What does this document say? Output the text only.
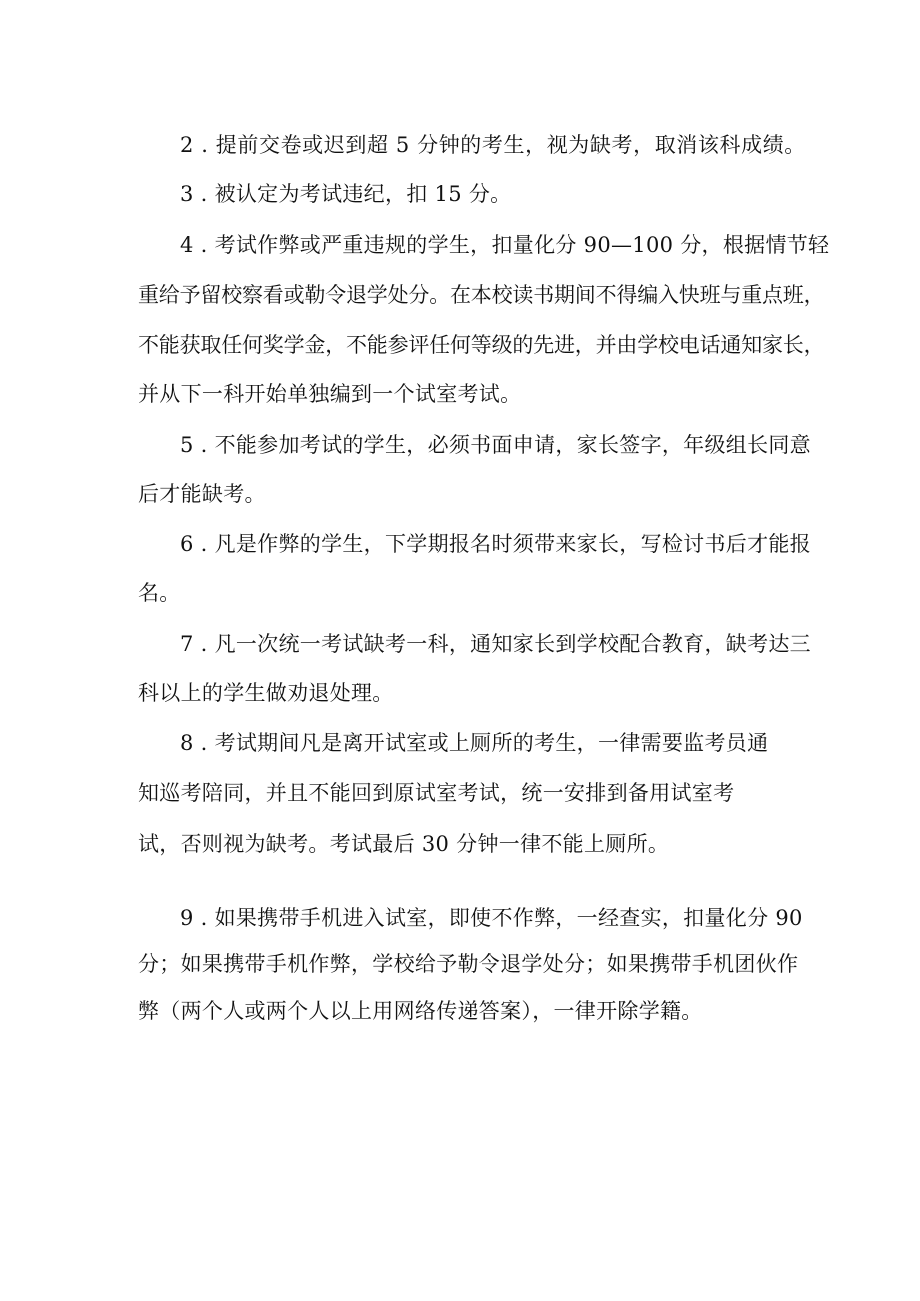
2 . 提前交卷或迟到超 5 分钟的考生，视为缺考，取消该科成绩。
3 . 被认定为考试违纪，扣 15 分。
4 . 考试作弊或严重违规的学生，扣量化分 90—100 分，根据情节轻
重给予留校察看或勒令退学处分。在本校读书期间不得编入快班与重点班，
不能获取任何奖学金，不能参评任何等级的先进，并由学校电话通知家长，
并从下一科开始单独编到一个试室考试。
5 . 不能参加考试的学生，必须书面申请，家长签字，年级组长同意
后才能缺考。
6 . 凡是作弊的学生，下学期报名时须带来家长，写检讨书后才能报
名。
7 . 凡一次统一考试缺考一科，通知家长到学校配合教育，缺考达三
科以上的学生做劝退处理。
8 . 考试期间凡是离开试室或上厕所的考生，一律需要监考员通
知巡考陪同，并且不能回到原试室考试，统一安排到备用试室考
试，否则视为缺考。考试最后 30 分钟一律不能上厕所。
9 . 如果携带手机进入试室，即使不作弊，一经查实，扣量化分 90
分；如果携带手机作弊，学校给予勒令退学处分；如果携带手机团伙作
弊（两个人或两个人以上用网络传递答案），一律开除学籍。
